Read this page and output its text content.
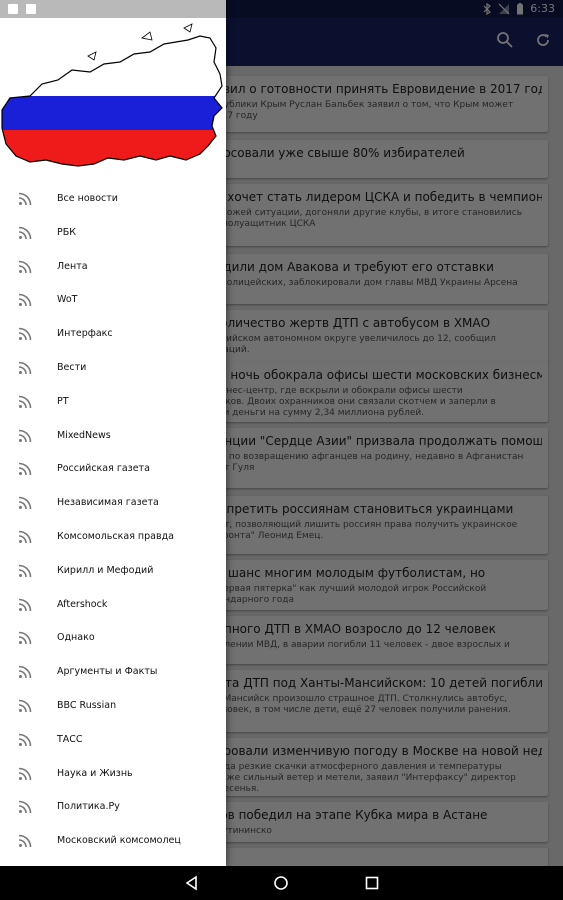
Все новости
РБК
Лента
WoT
Интерфакс
Вести
РТ
MixedNews
Российская газета
Независимая газета
Комсомольская правда
Кирилл и Мефодий
Aftershock
Однако
Аргументы и Факты
BBC Russian
ТАСС
Наука и Жизнь
Политика.Ру
Московский комсомолец
